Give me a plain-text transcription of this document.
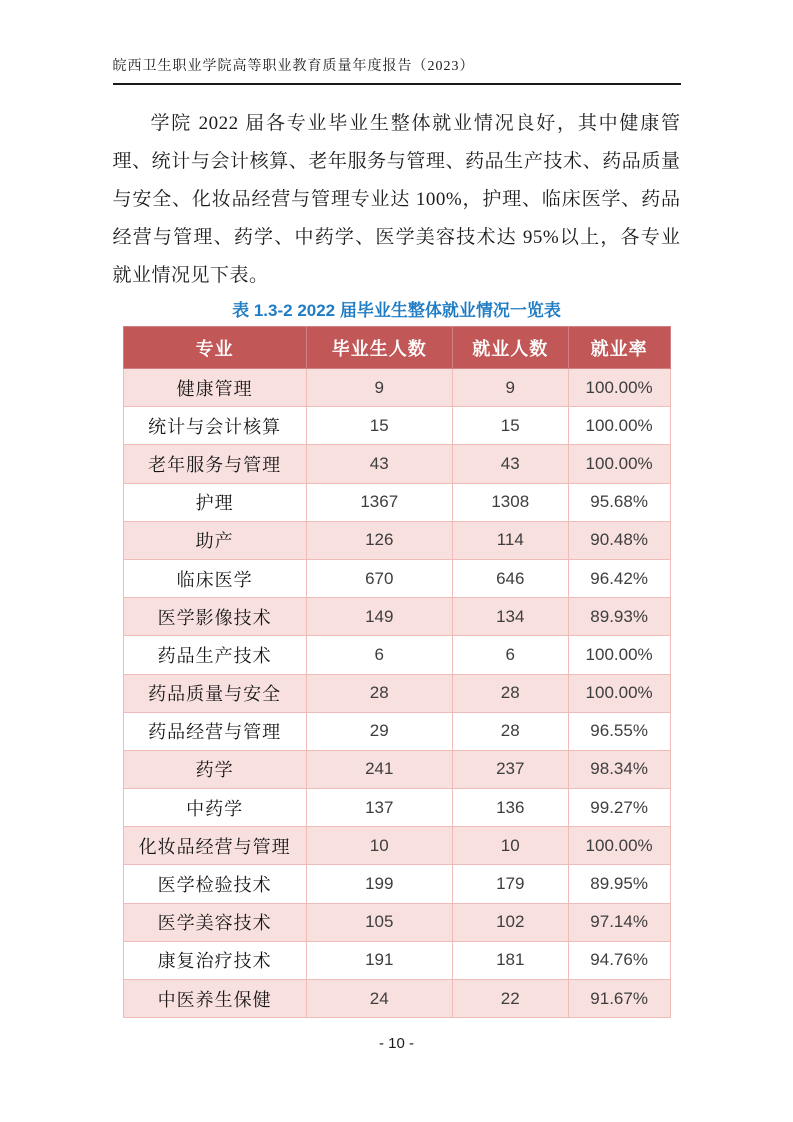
皖西卫生职业学院高等职业教育质量年度报告（2023）

学院 2022 届各专业毕业生整体就业情况良好，其中健康管理、统计与会计核算、老年服务与管理、药品生产技术、药品质量与安全、化妆品经营与管理专业达 100%，护理、临床医学、药品经营与管理、药学、中药学、医学美容技术达 95%以上，各专业就业情况见下表。

表 1.3-2 2022 届毕业生整体就业情况一览表
专业	毕业生人数	就业人数	就业率
健康管理	9	9	100.00%
统计与会计核算	15	15	100.00%
老年服务与管理	43	43	100.00%
护理	1367	1308	95.68%
助产	126	114	90.48%
临床医学	670	646	96.42%
医学影像技术	149	134	89.93%
药品生产技术	6	6	100.00%
药品质量与安全	28	28	100.00%
药品经营与管理	29	28	96.55%
药学	241	237	98.34%
中药学	137	136	99.27%
化妆品经营与管理	10	10	100.00%
医学检验技术	199	179	89.95%
医学美容技术	105	102	97.14%
康复治疗技术	191	181	94.76%
中医养生保健	24	22	91.67%
- 10 -
